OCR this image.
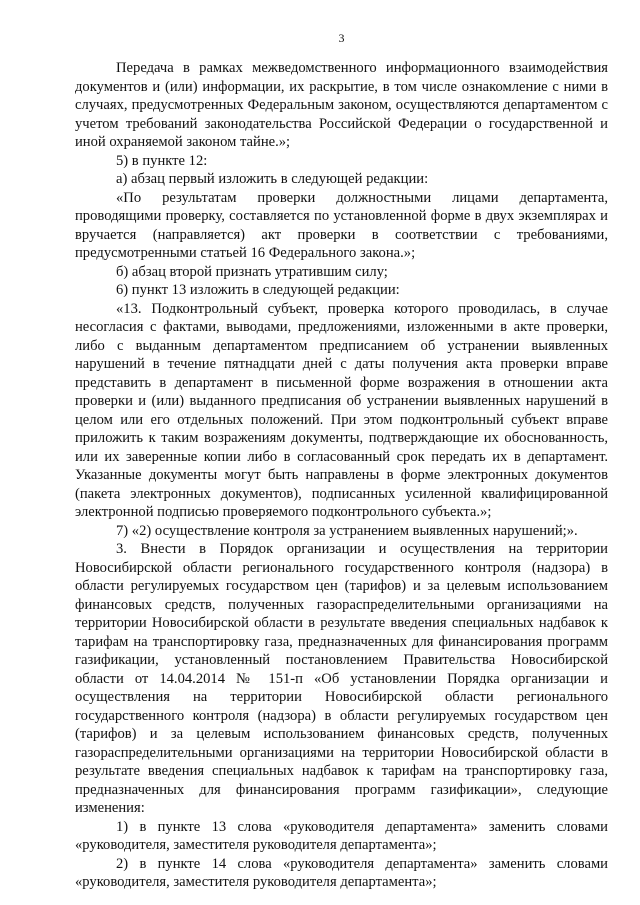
3

Передача в рамках межведомственного информационного взаимодействия документов и (или) информации, их раскрытие, в том числе ознакомление с ними в случаях, предусмотренных Федеральным законом, осуществляются департаментом с учетом требований законодательства Российской Федерации о государственной и иной охраняемой законом тайне.»;

5) в пункте 12:

а) абзац первый изложить в следующей редакции:

«По результатам проверки должностными лицами департамента, проводящими проверку, составляется по установленной форме в двух экземплярах и вручается (направляется) акт проверки в соответствии с требованиями, предусмотренными статьей 16 Федерального закона.»;

б) абзац второй признать утратившим силу;

6) пункт 13 изложить в следующей редакции:

«13. Подконтрольный субъект, проверка которого проводилась, в случае несогласия с фактами, выводами, предложениями, изложенными в акте проверки, либо с выданным департаментом предписанием об устранении выявленных нарушений в течение пятнадцати дней с даты получения акта проверки вправе представить в департамент в письменной форме возражения в отношении акта проверки и (или) выданного предписания об устранении выявленных нарушений в целом или его отдельных положений. При этом подконтрольный субъект вправе приложить к таким возражениям документы, подтверждающие их обоснованность, или их заверенные копии либо в согласованный срок передать их в департамент. Указанные документы могут быть направлены в форме электронных документов (пакета электронных документов), подписанных усиленной квалифицированной электронной подписью проверяемого подконтрольного субъекта.»;

7) «2) осуществление контроля за устранением выявленных нарушений;».

3. Внести в Порядок организации и осуществления на территории Новосибирской области регионального государственного контроля (надзора) в области регулируемых государством цен (тарифов) и за целевым использованием финансовых средств, полученных газораспределительными организациями на территории Новосибирской области в результате введения специальных надбавок к тарифам на транспортировку газа, предназначенных для финансирования программ газификации, установленный постановлением Правительства Новосибирской области от 14.04.2014 № 151-п «Об установлении Порядка организации и осуществления на территории Новосибирской области регионального государственного контроля (надзора) в области регулируемых государством цен (тарифов) и за целевым использованием финансовых средств, полученных газораспределительными организациями на территории Новосибирской области в результате введения специальных надбавок к тарифам на транспортировку газа, предназначенных для финансирования программ газификации», следующие изменения:

1) в пункте 13 слова «руководителя департамента» заменить словами «руководителя, заместителя руководителя департамента»;

2) в пункте 14 слова «руководителя департамента» заменить словами «руководителя, заместителя руководителя департамента»;
